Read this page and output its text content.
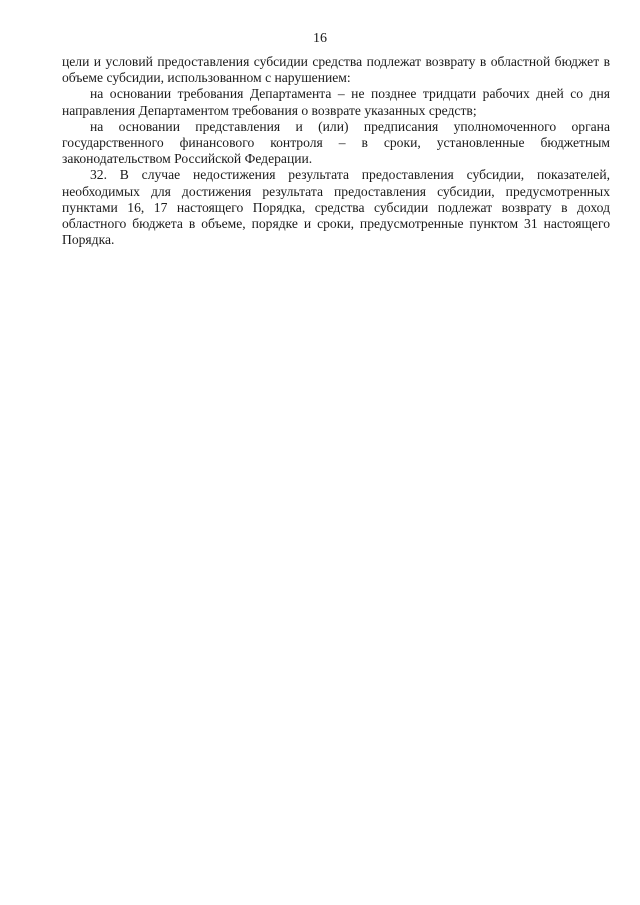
16

цели и условий предоставления субсидии средства подлежат возврату в областной бюджет в объеме субсидии, использованном с нарушением:

на основании требования Департамента – не позднее тридцати рабочих дней со дня направления Департаментом требования о возврате указанных средств;

на основании представления и (или) предписания уполномоченного органа государственного финансового контроля – в сроки, установленные бюджетным законодательством Российской Федерации.

32. В случае недостижения результата предоставления субсидии, показателей, необходимых для достижения результата предоставления субсидии, предусмотренных пунктами 16, 17 настоящего Порядка, средства субсидии подлежат возврату в доход областного бюджета в объеме, порядке и сроки, предусмотренные пунктом 31 настоящего Порядка.
